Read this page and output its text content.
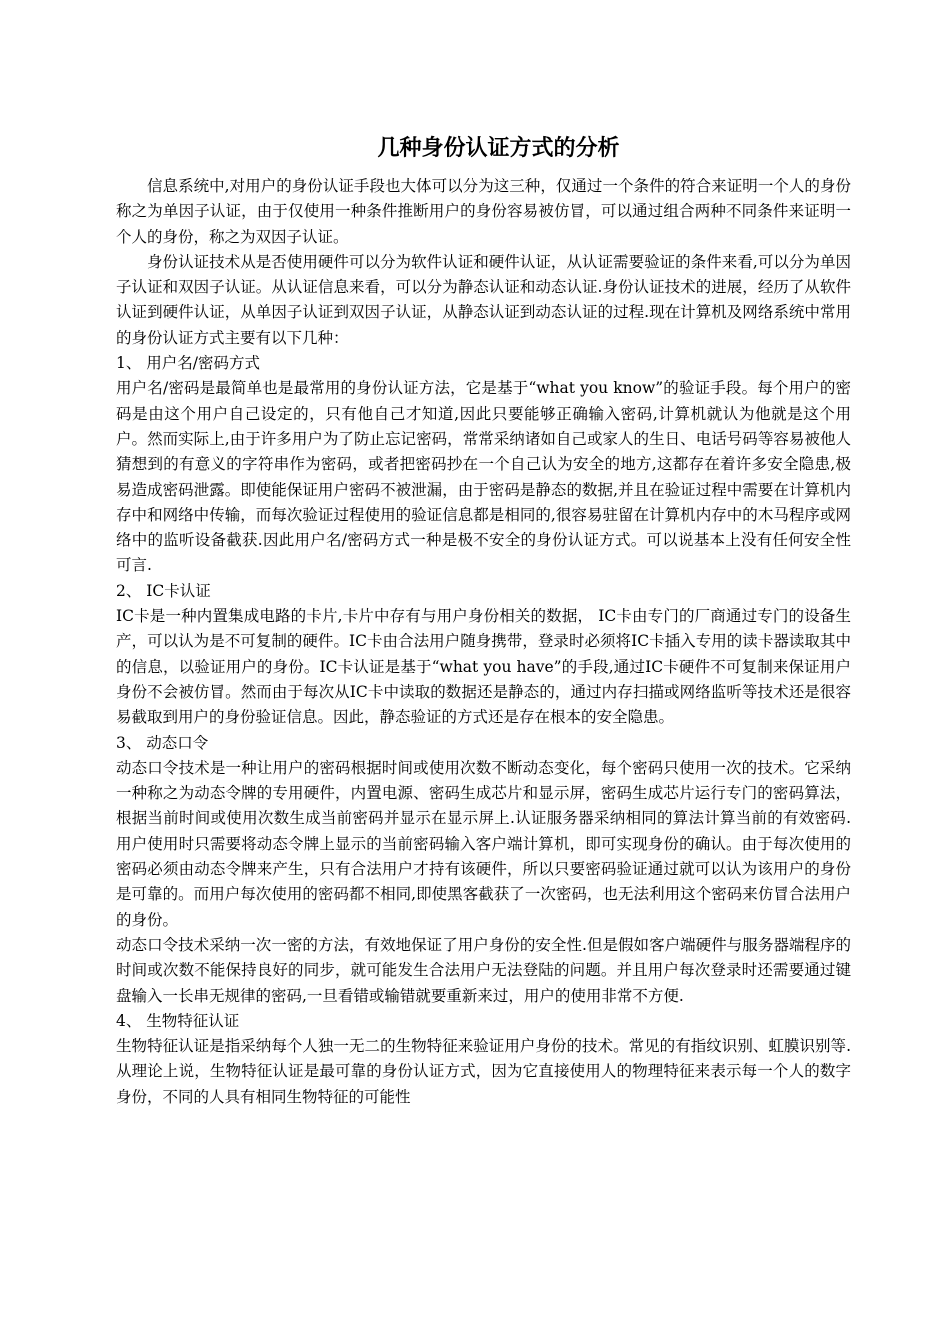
几种身份认证方式的分析

信息系统中,对用户的身份认证手段也大体可以分为这三种，仅通过一个条件的符合来证明一个人的身份称之为单因子认证，由于仅使用一种条件推断用户的身份容易被仿冒，可以通过组合两种不同条件来证明一个人的身份，称之为双因子认证。

身份认证技术从是否使用硬件可以分为软件认证和硬件认证，从认证需要验证的条件来看,可以分为单因子认证和双因子认证。从认证信息来看，可以分为静态认证和动态认证.身份认证技术的进展，经历了从软件认证到硬件认证，从单因子认证到双因子认证，从静态认证到动态认证的过程.现在计算机及网络系统中常用的身份认证方式主要有以下几种：

1、 用户名/密码方式

用户名/密码是最简单也是最常用的身份认证方法，它是基于“what you know”的验证手段。每个用户的密码是由这个用户自己设定的，只有他自己才知道,因此只要能够正确输入密码,计算机就认为他就是这个用户。然而实际上,由于许多用户为了防止忘记密码，常常采纳诸如自己或家人的生日、电话号码等容易被他人猜想到的有意义的字符串作为密码，或者把密码抄在一个自己认为安全的地方,这都存在着许多安全隐患,极易造成密码泄露。即使能保证用户密码不被泄漏，由于密码是静态的数据,并且在验证过程中需要在计算机内存中和网络中传输，而每次验证过程使用的验证信息都是相同的,很容易驻留在计算机内存中的木马程序或网络中的监听设备截获.因此用户名/密码方式一种是极不安全的身份认证方式。可以说基本上没有任何安全性可言.

2、 IC卡认证

IC卡是一种内置集成电路的卡片,卡片中存有与用户身份相关的数据， IC卡由专门的厂商通过专门的设备生产，可以认为是不可复制的硬件。IC卡由合法用户随身携带，登录时必须将IC卡插入专用的读卡器读取其中的信息，以验证用户的身份。IC卡认证是基于“what you have”的手段,通过IC卡硬件不可复制来保证用户身份不会被仿冒。然而由于每次从IC卡中读取的数据还是静态的，通过内存扫描或网络监听等技术还是很容易截取到用户的身份验证信息。因此，静态验证的方式还是存在根本的安全隐患。

3、 动态口令

动态口令技术是一种让用户的密码根据时间或使用次数不断动态变化，每个密码只使用一次的技术。它采纳一种称之为动态令牌的专用硬件，内置电源、密码生成芯片和显示屏，密码生成芯片运行专门的密码算法，根据当前时间或使用次数生成当前密码并显示在显示屏上.认证服务器采纳相同的算法计算当前的有效密码.用户使用时只需要将动态令牌上显示的当前密码输入客户端计算机，即可实现身份的确认。由于每次使用的密码必须由动态令牌来产生，只有合法用户才持有该硬件，所以只要密码验证通过就可以认为该用户的身份是可靠的。而用户每次使用的密码都不相同,即使黑客截获了一次密码，也无法利用这个密码来仿冒合法用户的身份。

动态口令技术采纳一次一密的方法，有效地保证了用户身份的安全性.但是假如客户端硬件与服务器端程序的时间或次数不能保持良好的同步，就可能发生合法用户无法登陆的问题。并且用户每次登录时还需要通过键盘输入一长串无规律的密码,一旦看错或输错就要重新来过，用户的使用非常不方便.

4、 生物特征认证

生物特征认证是指采纳每个人独一无二的生物特征来验证用户身份的技术。常见的有指纹识别、虹膜识别等.从理论上说，生物特征认证是最可靠的身份认证方式，因为它直接使用人的物理特征来表示每一个人的数字身份，不同的人具有相同生物特征的可能性
